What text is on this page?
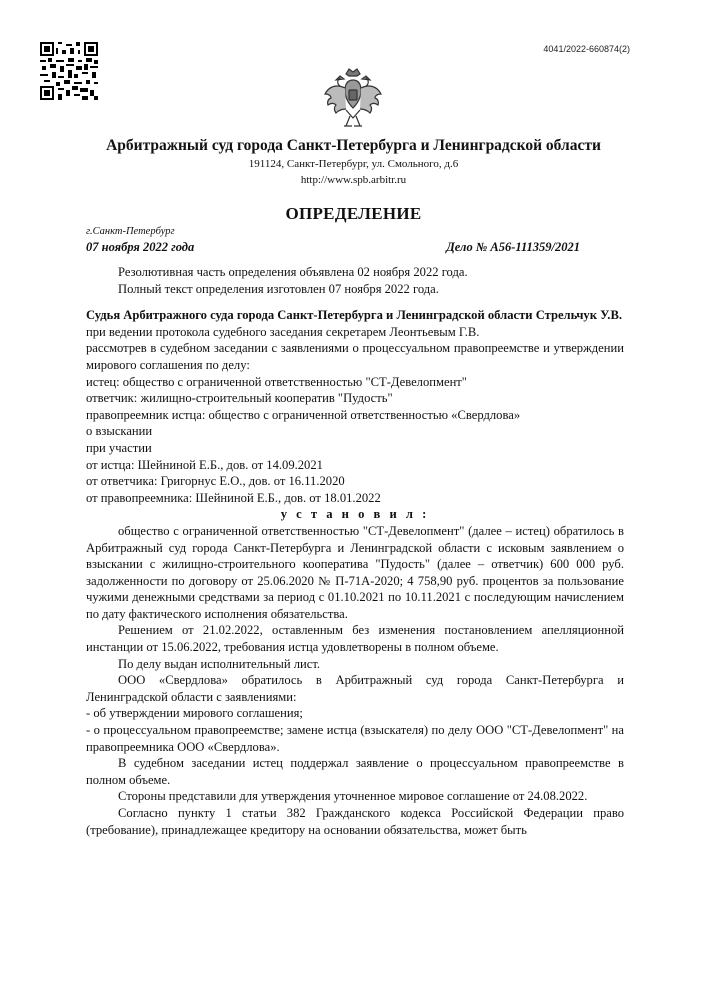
4041/2022-660874(2)
Арбитражный суд города Санкт-Петербурга и Ленинградской области
191124, Санкт-Петербург, ул. Смольного, д.6
http://www.spb.arbitr.ru
ОПРЕДЕЛЕНИЕ
г.Санкт-Петербург
07 ноября 2022 года	Дело № А56-111359/2021

Резолютивная часть определения объявлена 02 ноября 2022 года.

Полный текст определения изготовлен 07 ноября 2022 года.

Судья Арбитражного суда города Санкт-Петербурга и Ленинградской области Стрельчук У.В.

при ведении протокола судебного заседания секретарем Леонтьевым Г.В.

рассмотрев в судебном заседании с заявлениями о процессуальном правопреемстве и утверждении мирового соглашения по делу:

истец: общество с ограниченной ответственностью "СТ-Девелопмент"

ответчик: жилищно-строительный кооператив "Пудость"

правопреемник истца: общество с ограниченной ответственностью «Свердлова»

о взыскании

при участии

от истца: Шейниной Е.Б., дов. от 14.09.2021

от ответчика: Григорнус Е.О., дов. от 16.11.2020

от правопреемника: Шейниной Е.Б., дов. от 18.01.2022

у с т а н о в и л :

общество с ограниченной ответственностью "СТ-Девелопмент" (далее – истец) обратилось в Арбитражный суд города Санкт-Петербурга и Ленинградской области с исковым заявлением о взыскании с жилищно-строительного кооператива "Пудость" (далее – ответчик) 600 000 руб. задолженности по договору от 25.06.2020 № П-71А-2020; 4 758,90 руб. процентов за пользование чужими денежными средствами за период с 01.10.2021 по 10.11.2021 с последующим начислением по дату фактического исполнения обязательства.

Решением от 21.02.2022, оставленным без изменения постановлением апелляционной инстанции от 15.06.2022, требования истца удовлетворены в полном объеме.

По делу выдан исполнительный лист.

ООО «Свердлова» обратилось в Арбитражный суд города Санкт-Петербурга и Ленинградской области с заявлениями:

- об утверждении мирового соглашения;

- о процессуальном правопреемстве; замене истца (взыскателя) по делу ООО "СТ-Девелопмент" на правопреемника ООО «Свердлова».

В судебном заседании истец поддержал заявление о процессуальном правопреемстве в полном объеме.

Стороны представили для утверждения уточненное мировое соглашение от 24.08.2022.

Согласно пункту 1 статьи 382 Гражданского кодекса Российской Федерации право (требование), принадлежащее кредитору на основании обязательства, может быть
